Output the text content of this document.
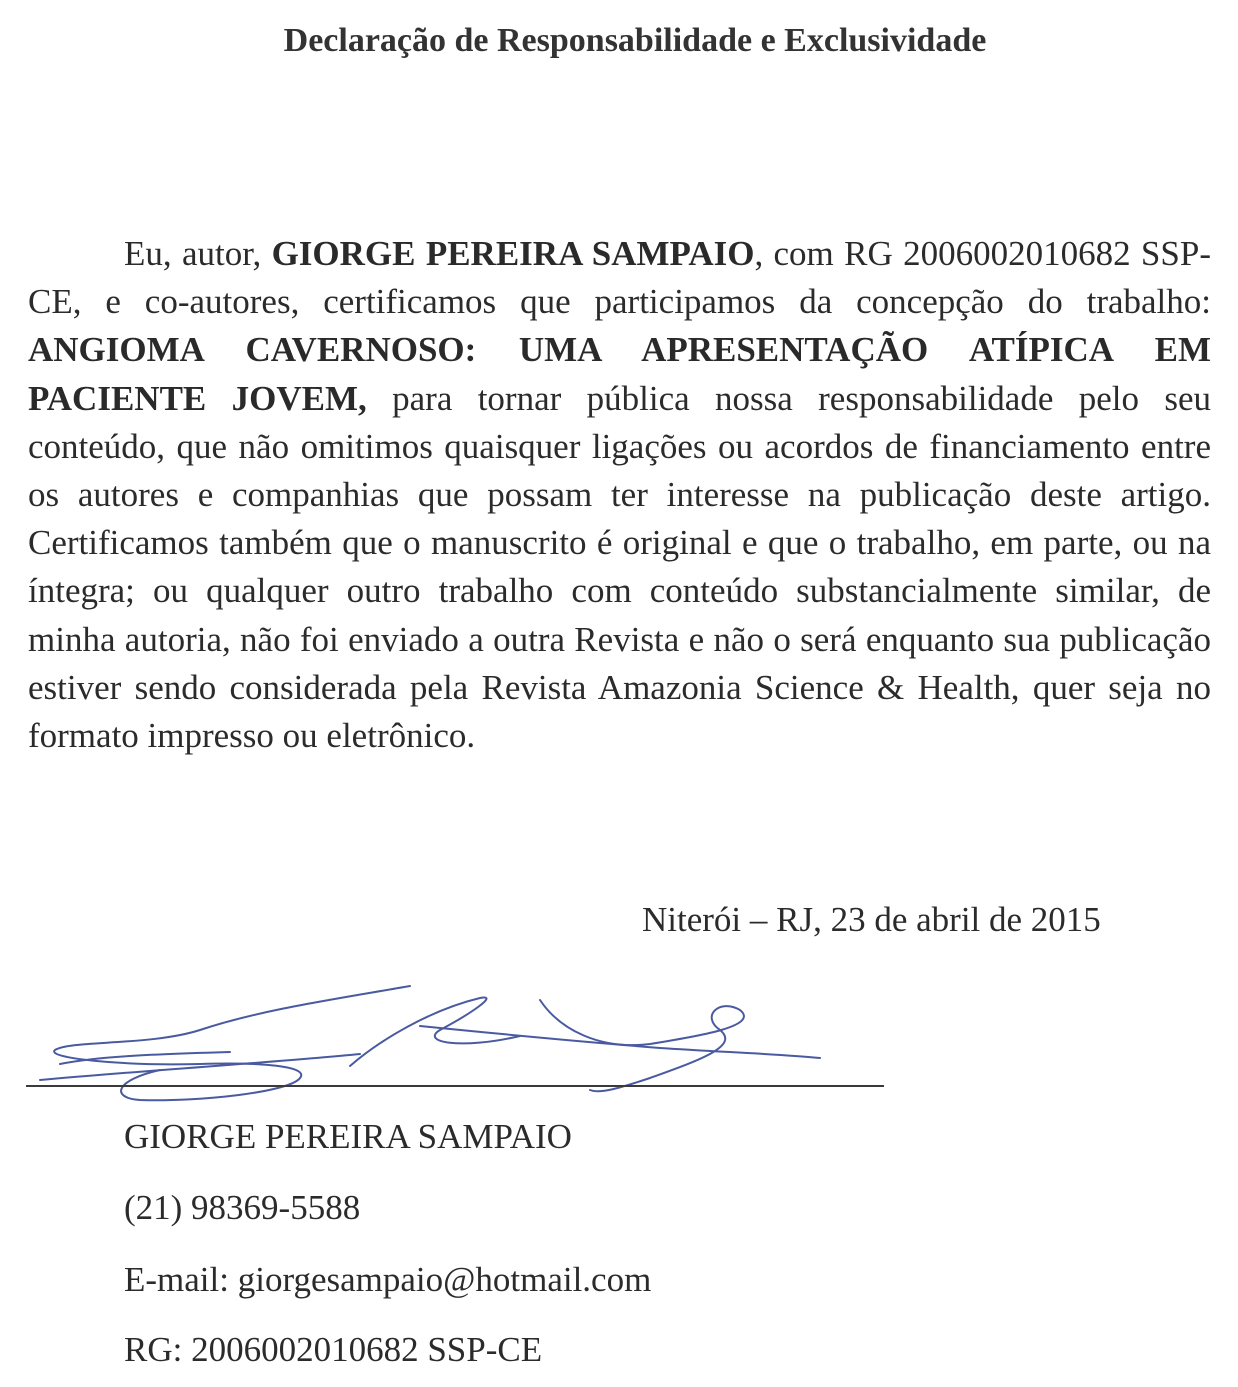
Declaração de Responsabilidade e Exclusividade

Eu, autor, GIORGE PEREIRA SAMPAIO, com RG 2006002010682 SSP-CE, e co-autores, certificamos que participamos da concepção do trabalho: ANGIOMA CAVERNOSO: UMA APRESENTAÇÃO ATÍPICA EM PACIENTE JOVEM, para tornar pública nossa responsabilidade pelo seu conteúdo, que não omitimos quaisquer ligações ou acordos de financiamento entre os autores e companhias que possam ter interesse na publicação deste artigo. Certificamos também que o manuscrito é original e que o trabalho, em parte, ou na íntegra; ou qualquer outro trabalho com conteúdo substancialmente similar, de minha autoria, não foi enviado a outra Revista e não o será enquanto sua publicação estiver sendo considerada pela Revista Amazonia Science & Health, quer seja no formato impresso ou eletrônico.

Niterói – RJ, 23 de abril de 2015

GIORGE PEREIRA SAMPAIO

(21) 98369-5588

E-mail: giorgesampaio@hotmail.com

RG: 2006002010682 SSP-CE
